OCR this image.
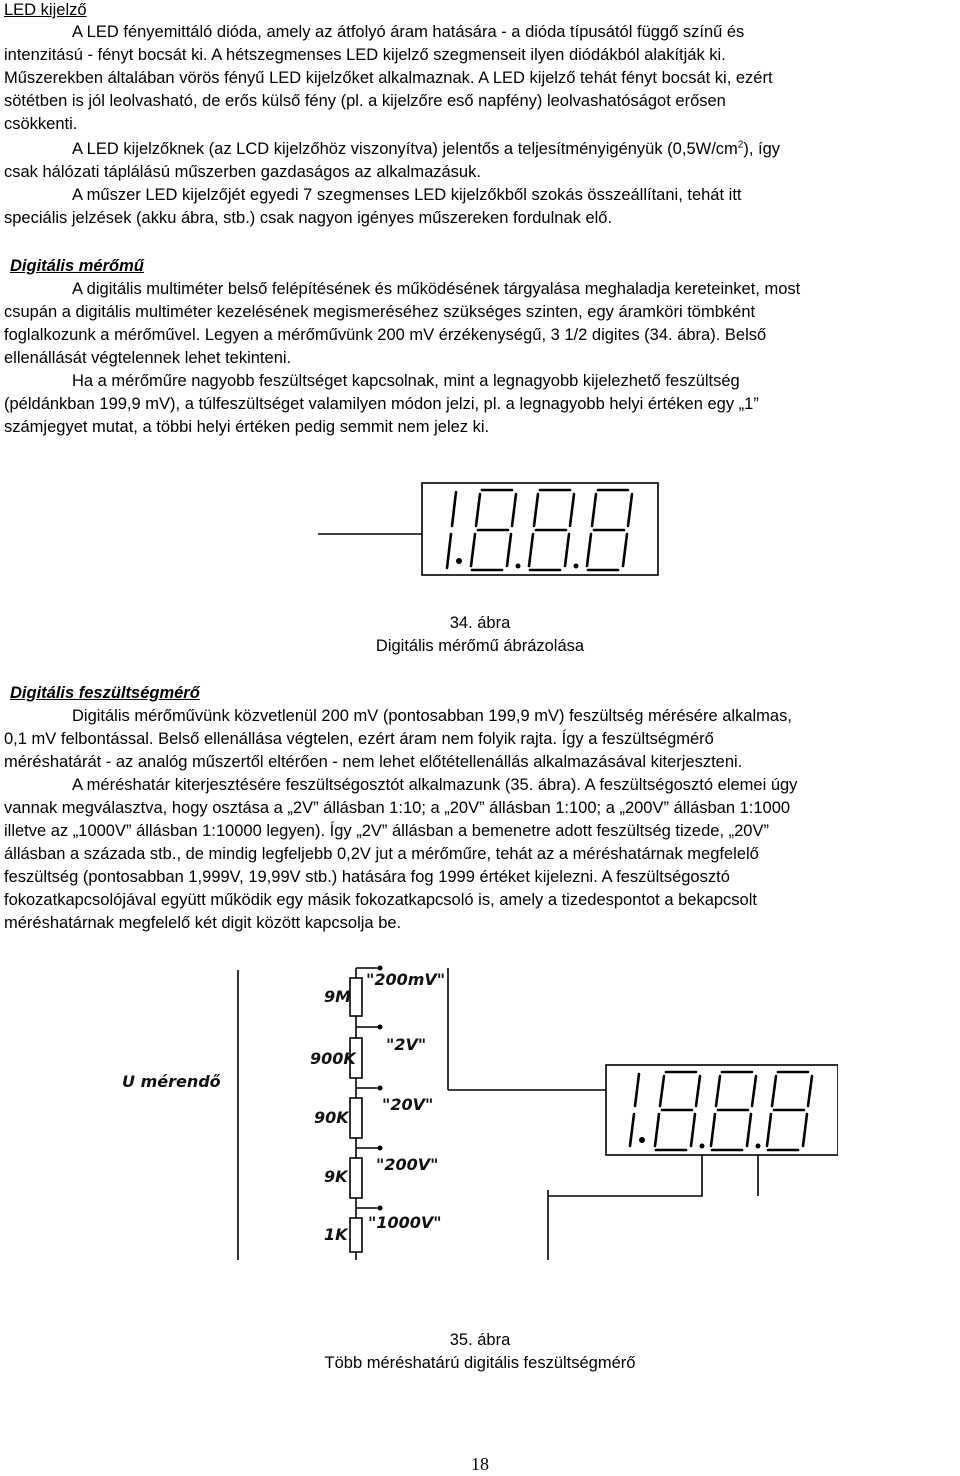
LED kijelző

A LED fényemittáló dióda, amely az átfolyó áram hatására - a dióda típusától függő színű és

intenzitású - fényt bocsát ki. A hétszegmenses LED kijelző szegmenseit ilyen diódákból alakítják ki.

Műszerekben általában vörös fényű LED kijelzőket alkalmaznak. A LED kijelző tehát fényt bocsát ki, ezért

sötétben is jól leolvasható, de erős külső fény (pl. a kijelzőre eső napfény) leolvashatóságot erősen

csökkenti.

A LED kijelzőknek (az LCD kijelzőhöz viszonyítva) jelentős a teljesítményigényük $(0,5W/cm^2)$, így

csak hálózati táplálású műszerben gazdaságos az alkalmazásuk.

A műszer LED kijelzőjét egyedi 7 szegmenses LED kijelzőkből szokás összeállítani, tehát itt

speciális jelzések (akku ábra, stb.) csak nagyon igényes műszereken fordulnak elő.

Digitális mérőmű

A digitális multiméter belső felépítésének és működésének tárgyalása meghaladja kereteinket, most

csupán a digitális multiméter kezelésének megismeréséhez szükséges szinten, egy áramköri tömbként

foglalkozunk a mérőművel. Legyen a mérőművünk 200 mV érzékenységű, 3 1/2 digites (34. ábra). Belső

ellenállását végtelennek lehet tekinteni.

Ha a mérőműre nagyobb feszültséget kapcsolnak, mint a legnagyobb kijelezhető feszültség

(példánkban 199,9 mV), a túlfeszültséget valamilyen módon jelzi, pl. a legnagyobb helyi értéken egy „1”

számjegyet mutat, a többi helyi értéken pedig semmit nem jelez ki.

34. ábra

Digitális mérőmű ábrázolása

Digitális feszültségmérő

Digitális mérőművünk közvetlenül 200 mV (pontosabban 199,9 mV) feszültség mérésére alkalmas,

0,1 mV felbontással. Belső ellenállása végtelen, ezért áram nem folyik rajta. Így a feszültségmérő

méréshatárát - az analóg műszertől eltérően - nem lehet előtétellenállás alkalmazásával kiterjeszteni.

A méréshatár kiterjesztésére feszültségosztót alkalmazunk (35. ábra). A feszültségosztó elemei úgy

vannak megválasztva, hogy osztása a „2V” állásban 1:10; a „20V” állásban 1:100; a „200V” állásban 1:1000

illetve az „1000V” állásban 1:10000 legyen). Így „2V” állásban a bemenetre adott feszültség tizede, „20V”

állásban a százada stb., de mindig legfeljebb 0,2V jut a mérőműre, tehát az a méréshatárnak megfelelő

feszültség (pontosabban 1,999V, 19,99V stb.) hatására fog 1999 értéket kijelezni. A feszültségosztó

fokozatkapcsolójával együtt működik egy másik fokozatkapcsoló is, amely a tizedespontot a bekapcsolt

méréshatárnak megfelelő két digit között kapcsolja be.

U mérendő
9M
900K
90K
9K
1K
"200mV"
"2V"
"20V"
"200V"
"1000V"

35. ábra

Több méréshatárú digitális feszültségmérő

18
